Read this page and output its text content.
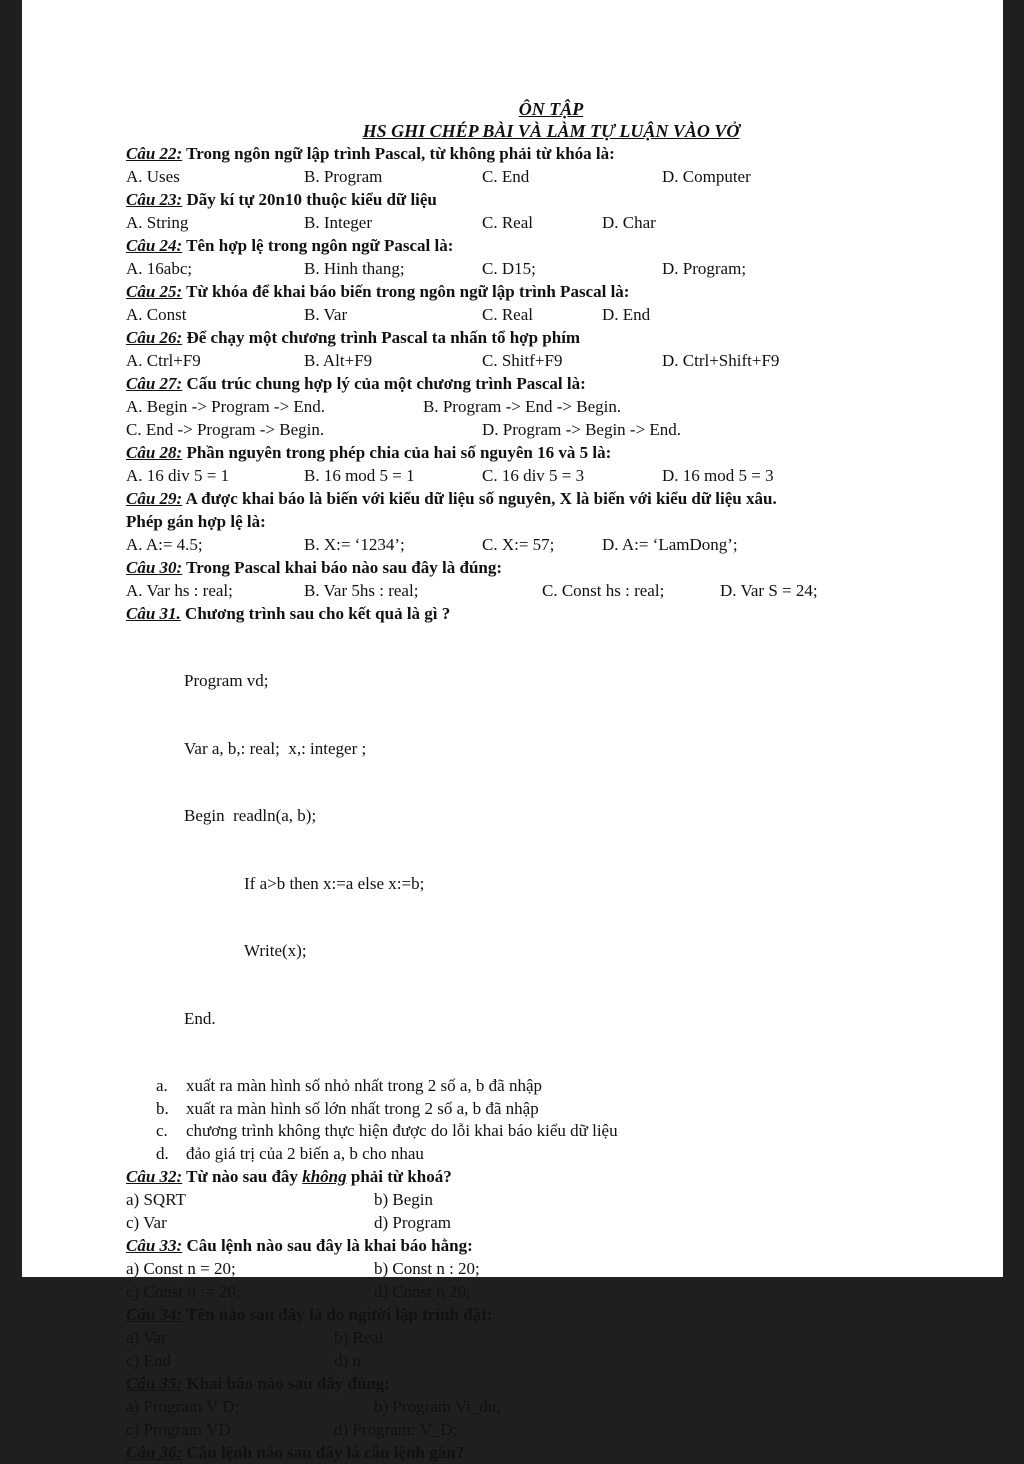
ÔN TẬP
HS GHI CHÉP BÀI VÀ LÀM TỰ LUẬN VÀO VỞ
Câu 22: Trong ngôn ngữ lập trình Pascal, từ không phải từ khóa là:
A. Uses	B. Program	C. End	D. Computer
Câu 23: Dãy kí tự 20n10 thuộc kiểu dữ liệu
A. String	B. Integer	C. Real	D. Char
Câu 24: Tên hợp lệ trong ngôn ngữ Pascal là:
A. 16abc;	B. Hinh thang;	C. D15;	D. Program;
Câu 25: Từ khóa để khai báo biến trong ngôn ngữ lập trình Pascal là:
A. Const	B. Var	C. Real	D. End
Câu 26: Để chạy một chương trình Pascal ta nhấn tổ hợp phím
A. Ctrl+F9	B. Alt+F9	C. Shitf+F9	D. Ctrl+Shift+F9
Câu 27: Cấu trúc chung hợp lý của một chương trình Pascal là:
A. Begin -> Program -> End.	B. Program -> End -> Begin.
C. End -> Program -> Begin.	D. Program -> Begin -> End.
Câu 28: Phần nguyên trong phép chia của hai số nguyên 16 và 5 là:
A. 16 div 5 = 1	B. 16 mod 5 = 1	C. 16 div 5 = 3	D. 16 mod 5 = 3
Câu 29: A được khai báo là biến với kiểu dữ liệu số nguyên, X là biến với kiểu dữ liệu xâu.
Phép gán hợp lệ là:
A. A:= 4.5;	B. X:= ‘1234’;	C. X:= 57;	D. A:= ‘LamDong’;
Câu 30: Trong Pascal khai báo nào sau đây là đúng:
A. Var hs : real;	B. Var 5hs : real;	C. Const hs : real;	D. Var S = 24;
Câu 31. Chương trình sau cho kết quả là gì ?

Program vd;

Var a, b,: real;  x,: integer ;

Begin  readln(a, b);

If a>b then x:=a else x:=b;

Write(x);

End.

a. xuất ra màn hình số nhỏ nhất trong 2 số a, b đã nhập
b. xuất ra màn hình số lớn nhất trong 2 số a, b đã nhập
c. chương trình không thực hiện được do lỗi khai báo kiểu dữ liệu
d. đảo giá trị của 2 biến a, b cho nhau
Câu 32: Từ nào sau đây không phải từ khoá?
a) SQRT	b) Begin
c) Var	d) Program
Câu 33: Câu lệnh nào sau đây là khai báo hằng:
a) Const n = 20;	b) Const n : 20;
c) Const n := 20;	d) Const n 20;
Câu 34: Tên nào sau đây là do người lập trình đặt:
a) Var	b) Real
c) End	d) n
Câu 35: Khai báo nào sau đây đúng:
a) Program V D;	b) Program Vi_du;
c) Program VD	d) Program: V_D;
Câu 36: Câu lệnh nào sau đây là câu lệnh gán?
